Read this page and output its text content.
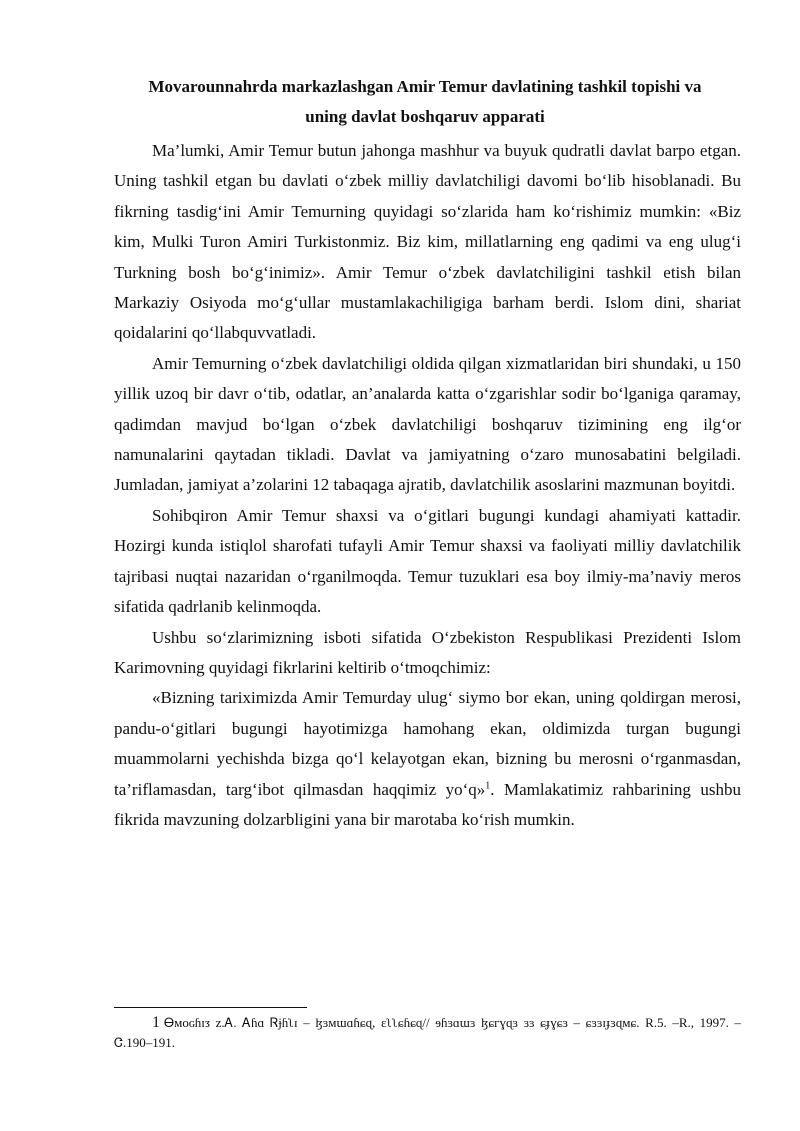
Movarounnahrda markazlashgan Amir Temur davlatining tashkil topishi va
uning davlat boshqaruv apparati

Ma’lumki, Amir Temur butun jahonga mashhur va buyuk qudratli davlat barpo etgan. Uning tashkil etgan bu davlati o‘zbek milliy davlatchiligi davomi bo‘lib hisoblanadi. Bu fikrning tasdig‘ini Amir Temurning quyidagi so‘zlarida ham ko‘rishimiz mumkin: «Biz kim, Mulki Turon Amiri Turkistonmiz. Biz kim, millatlarning eng qadimi va eng ulug‘i Turkning bosh bo‘g‘inimiz». Amir Temur o‘zbek davlatchiligini tashkil etish bilan Markaziy Osiyoda mo‘g‘ullar mustamlakachiligiga barham berdi. Islom dini, shariat qoidalarini qo‘llabquvvatladi.

Amir Temurning o‘zbek davlatchiligi oldida qilgan xizmatlaridan biri shundaki, u 150 yillik uzoq bir davr o‘tib, odatlar, an’analarda katta o‘zgarishlar sodir bo‘lganiga qaramay, qadimdan mavjud bo‘lgan o‘zbek davlatchiligi boshqaruv tizimining eng ilg‘or namunalarini qaytadan tikladi. Davlat va jamiyatning o‘zaro munosabatini belgiladi. Jumladan, jamiyat a’zolarini 12 tabaqaga ajratib, davlatchilik asoslarini mazmunan boyitdi.

Sohibqiron Amir Temur shaxsi va o‘gitlari bugungi kundagi ahamiyati kattadir. Hozirgi kunda istiqlol sharofati tufayli Amir Temur shaxsi va faoliyati milliy davlatchilik tajribasi nuqtai nazaridan o‘rganilmoqda. Temur tuzuklari esa boy ilmiy-ma’naviy meros sifatida qadrlanib kelinmoqda.

Ushbu so‘zlarimizning isboti sifatida O‘zbekiston Respublikasi Prezidenti Islom Karimovning quyidagi fikrlarini keltirib o‘tmoqchimiz:

«Bizning tariximizda Amir Temurday ulug‘ siymo bor ekan, uning qoldirgan merosi, pandu-o‘gitlari bugungi hayotimizga hamohang ekan, oldimizda turgan bugungi muammolarni yechishda bizga qo‘l kelayotgan ekan, bizning bu merosni o‘rganmasdan, ta’riflamasdan, targ‘ibot qilmasdan haqqimiz yo‘q»$^1$. Mamlakatimiz rahbarining ushbu fikrida mavzuning dolzarbligini yana bir marotaba ko‘rish mumkin.

1 Ꮎᴍᴏɢɦɪᴣ ᴢ.Ꭺ. Ꭺɦɑ Ꮢɉɦʅɪ – ɮɜᴍɯɑɦɕɋ, ɛʅʅɕɦɕɋ// ɘɦɜɑɯɜ ɮɕᴦɣɋɜ ɜɜ ɕɟɣɕɜ – ɕɜɜɪɟɜɋᴍɕ. R.5. –R., 1997. –Ꮳ.190–191.
